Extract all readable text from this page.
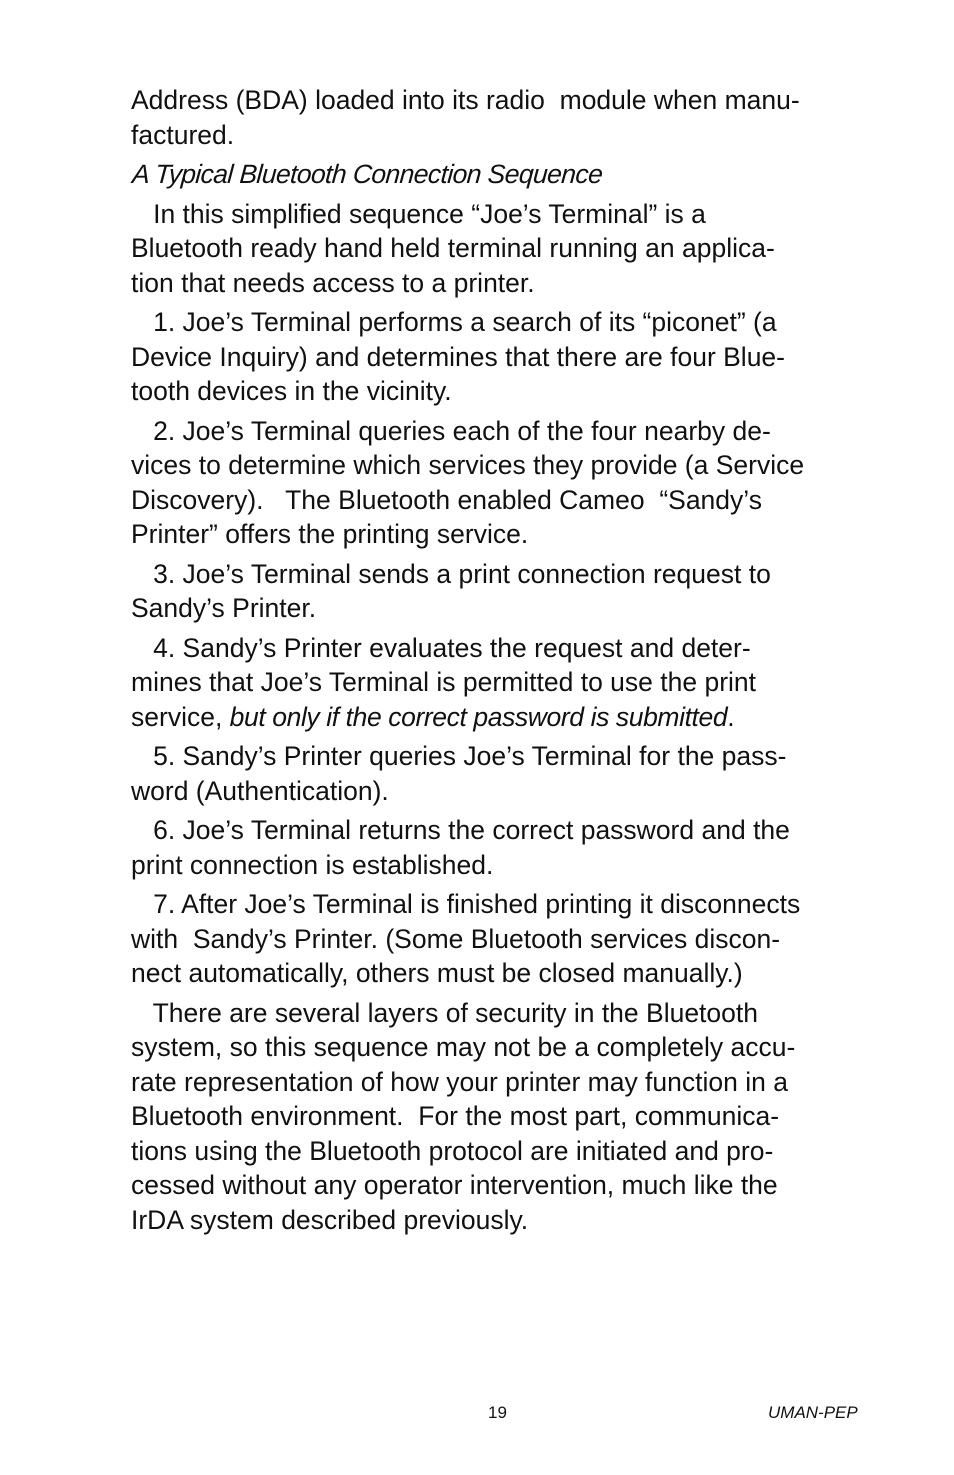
Address (BDA) loaded into its radio  module when manu-
factured.
A Typical Bluetooth Connection Sequence
In this simplified sequence “Joe’s Terminal” is a
Bluetooth ready hand held terminal running an applica-
tion that needs access to a printer.
1. Joe’s Terminal performs a search of its “piconet” (a
Device Inquiry) and determines that there are four Blue-
tooth devices in the vicinity.
2. Joe’s Terminal queries each of the four nearby de-
vices to determine which services they provide (a Service
Discovery).   The Bluetooth enabled Cameo  “Sandy’s
Printer” offers the printing service.
3. Joe’s Terminal sends a print connection request to
Sandy’s Printer.
4. Sandy’s Printer evaluates the request and deter-
mines that Joe’s Terminal is permitted to use the print
service, but only if the correct password is submitted.
5. Sandy’s Printer queries Joe’s Terminal for the pass-
word (Authentication).
6. Joe’s Terminal returns the correct password and the
print connection is established.
7. After Joe’s Terminal is finished printing it disconnects
with  Sandy’s Printer. (Some Bluetooth services discon-
nect automatically, others must be closed manually.)
There are several layers of security in the Bluetooth
system, so this sequence may not be a completely accu-
rate representation of how your printer may function in a
Bluetooth environment.  For the most part, communica-
tions using the Bluetooth protocol are initiated and pro-
cessed without any operator intervention, much like the
IrDA system described previously.
19	UMAN-PEP
